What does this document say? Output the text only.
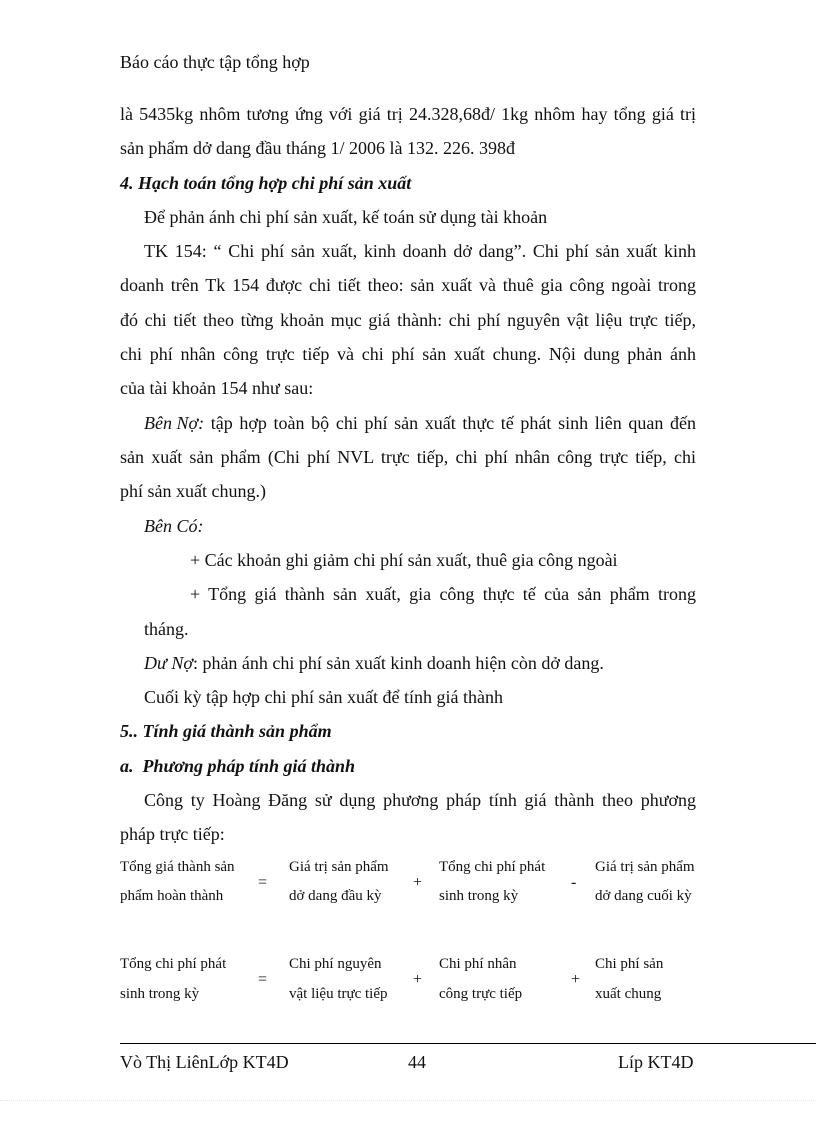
Báo cáo thực tập tổng hợp
là 5435kg nhôm tương ứng với giá trị 24.328,68đ/ 1kg nhôm hay tổng giá trị
sản phẩm dở dang đầu tháng 1/ 2006 là 132. 226. 398đ
4. Hạch toán tổng hợp chi phí sản xuất
Để phản ánh chi phí sản xuất, kế toán sử dụng tài khoản
TK 154: “ Chi phí sản xuất, kinh doanh dở dang”. Chi phí sản xuất kinh
doanh trên Tk 154 được chi tiết theo: sản xuất và thuê gia công ngoài trong
đó chi tiết theo từng khoản mục giá thành: chi phí nguyên vật liệu trực tiếp,
chi phí nhân công trực tiếp và chi phí sản xuất chung. Nội dung phản ánh
của tài khoản 154 như sau:
Bên Nợ: tập hợp toàn bộ chi phí sản xuất thực tế phát sinh liên quan đến
sản xuất sản phẩm (Chi phí NVL trực tiếp, chi phí nhân công trực tiếp, chi
phí sản xuất chung.)
Bên Có:
+ Các khoản ghi giảm chi phí sản xuất, thuê gia công ngoài
+ Tổng giá thành sản xuất, gia công thực tế của sản phẩm trong
tháng.
Dư Nợ: phản ánh chi phí sản xuất kinh doanh hiện còn dở dang.
Cuối kỳ tập hợp chi phí sản xuất để tính giá thành
5.. Tính giá thành sản phẩm
a.  Phương pháp tính giá thành
Công ty Hoàng Đăng sử dụng phương pháp tính giá thành theo phương
pháp trực tiếp:
Tổng giá thành sản
phẩm hoàn thành
=
Giá trị sản phẩm
dở dang đầu kỳ
+
Tổng chi phí phát
sinh trong kỳ
-
Giá trị sản phẩm
dở dang cuối kỳ
Tổng chi phí phát
sinh trong kỳ
=
Chi phí nguyên
vật liệu trực tiếp
+
Chi phí nhân
công trực tiếp
+
Chi phí sản
xuất chung
Vò Thị LiênLớp KT4D	44	Líp KT4D
